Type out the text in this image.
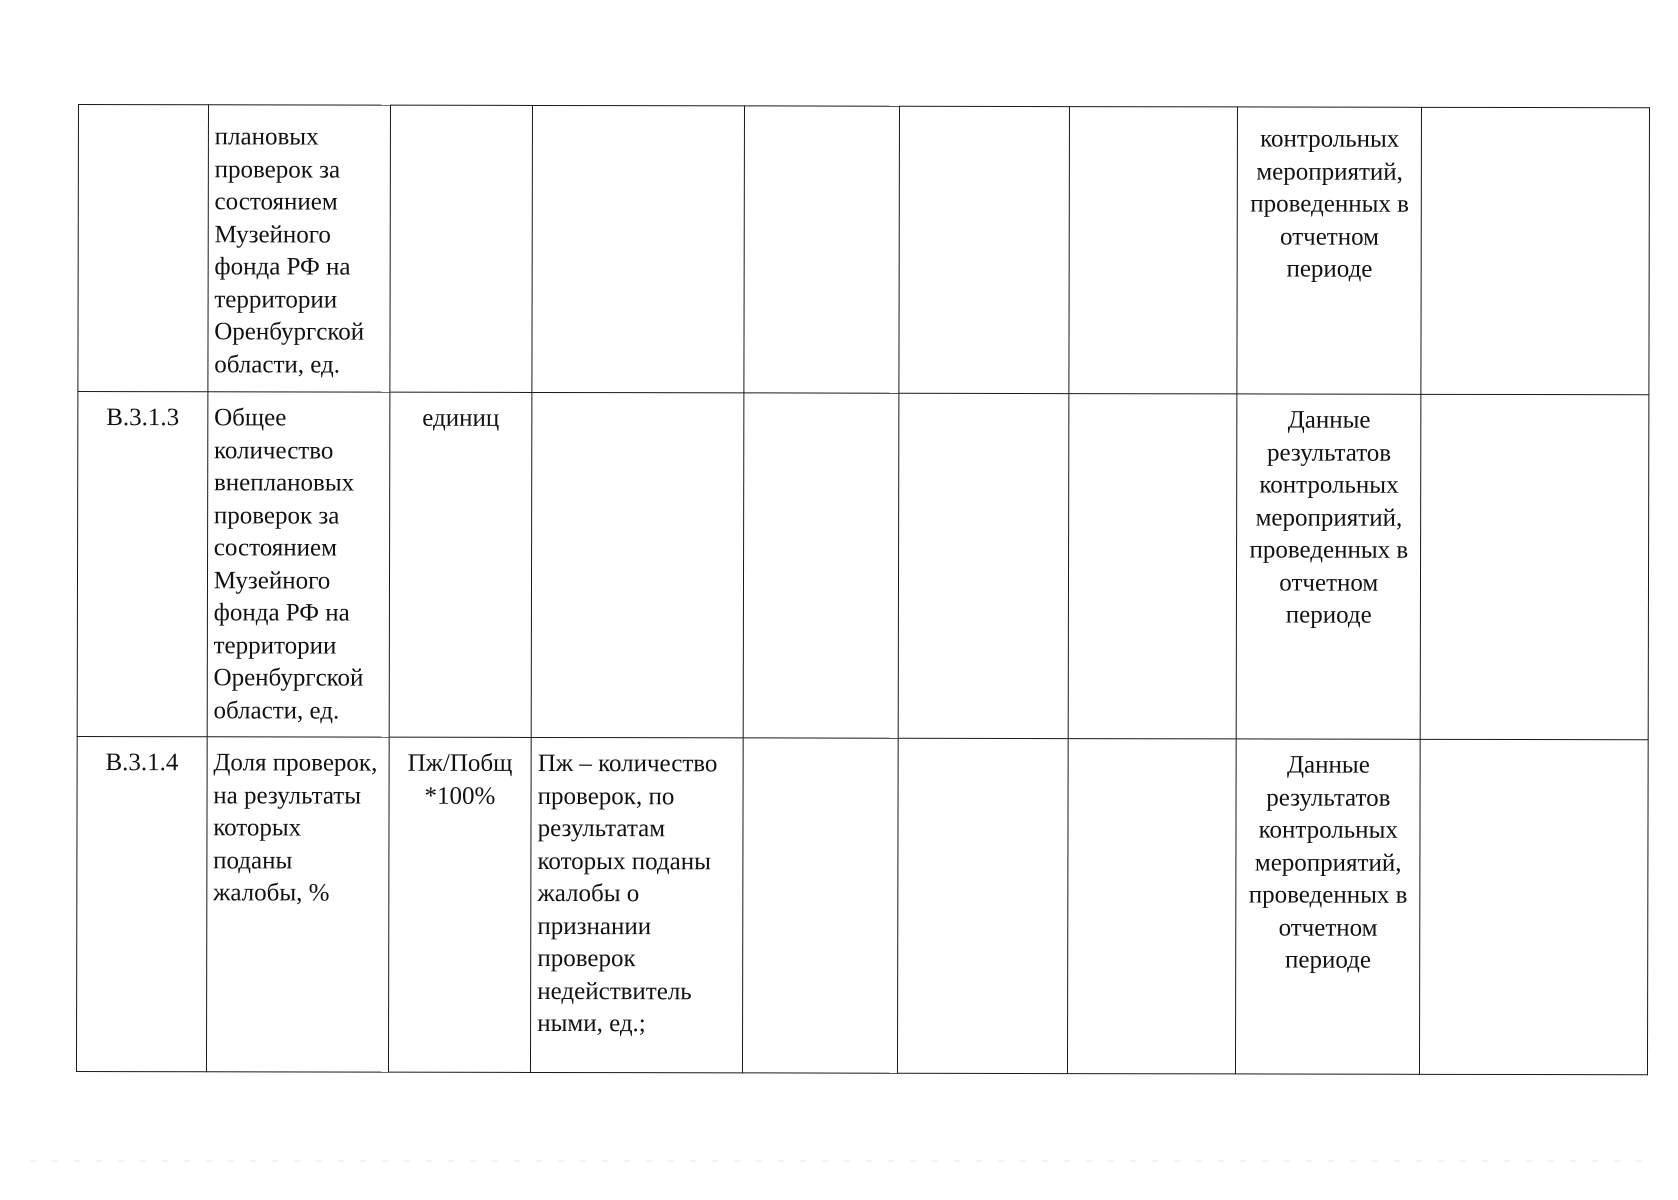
	плановых проверок за состоянием Музейного фонда РФ на территории Оренбургской области, ед.						контрольных мероприятий, проведенных в отчетном периоде	
В.3.1.3	Общее количество внеплановых проверок за состоянием Музейного фонда РФ на территории Оренбургской области, ед.	единиц					Данные результатов контрольных мероприятий, проведенных в отчетном периоде	
В.3.1.4	Доля проверок, на результаты которых поданы жалобы, %	Пж/Побщ *100%	Пж – количество проверок, по результатам которых поданы жалобы о признании проверок недействитель ными, ед.;				Данные результатов контрольных мероприятий, проведенных в отчетном периоде	
